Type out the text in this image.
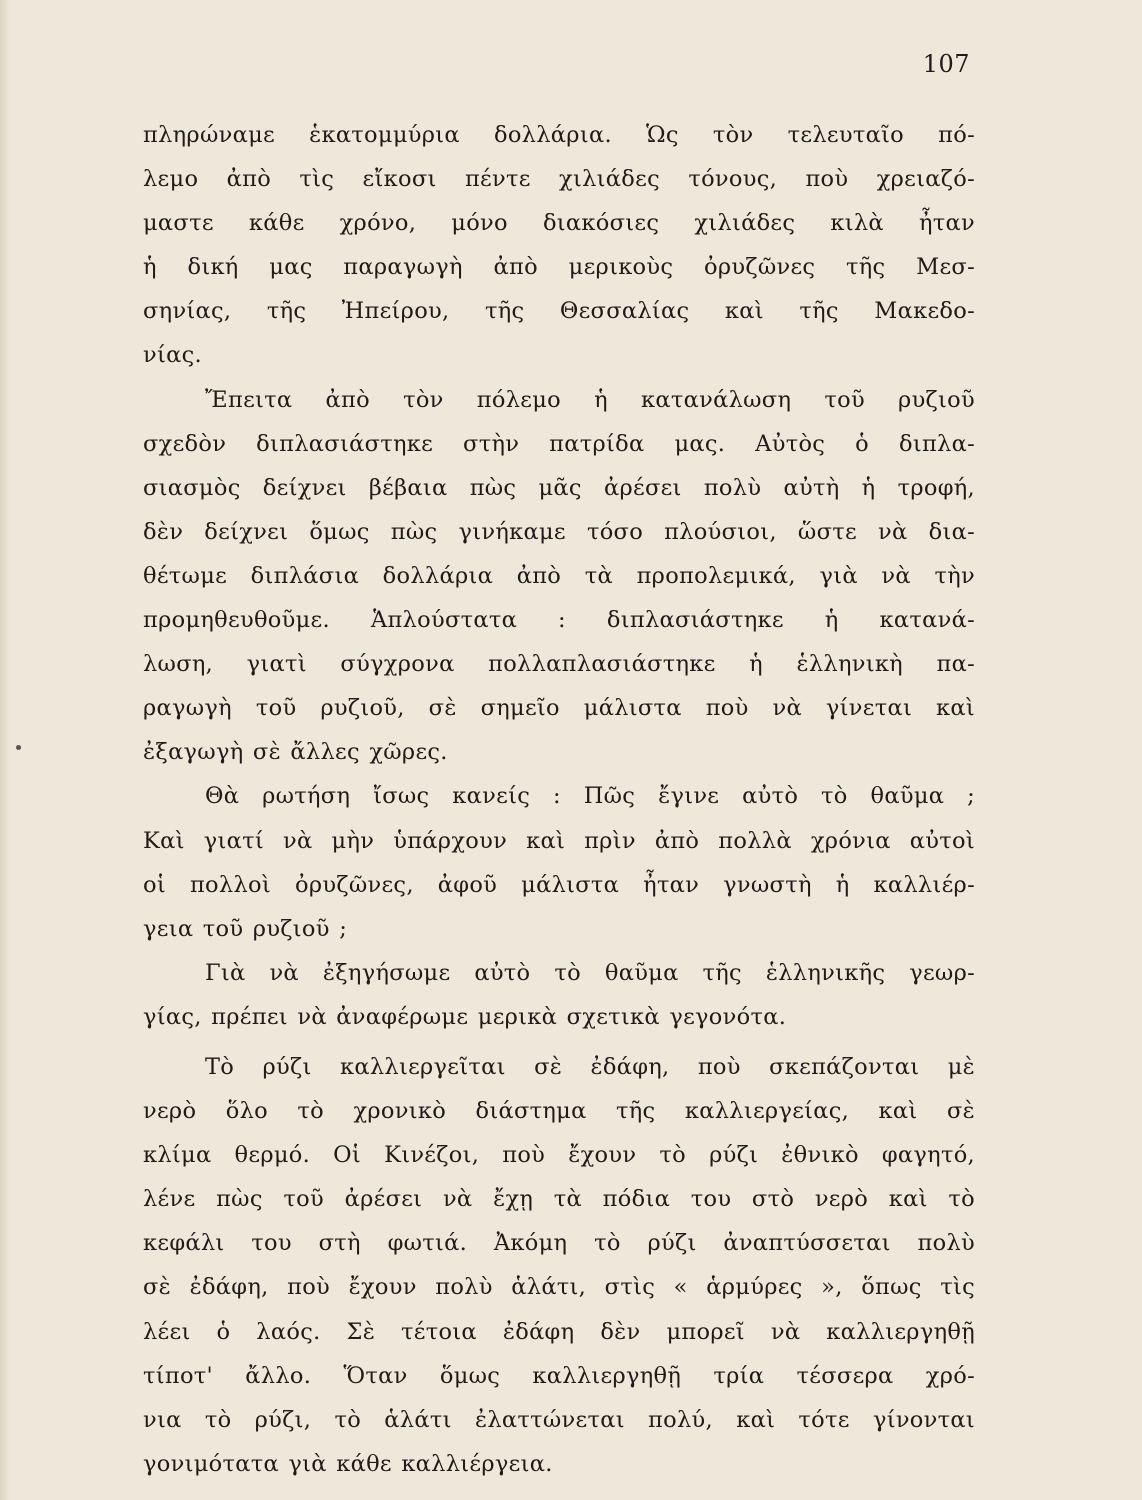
107

πληρώναμε ἑκατομμύρια δολλάρια. Ὡς τὸν τελευταῖο πό-
λεμο ἀπὸ τὶς εἴκοσι πέντε χιλιάδες τόνους, ποὺ χρειαζό-
μαστε κάθε χρόνο, μόνο διακόσιες χιλιάδες κιλὰ ἦταν
ἡ δική μας παραγωγὴ ἀπὸ μερικοὺς ὀρυζῶνες τῆς Μεσ-
σηνίας, τῆς Ἠπείρου, τῆς Θεσσαλίας καὶ τῆς Μακεδο-
νίας.

Ἔπειτα ἀπὸ τὸν πόλεμο ἡ κατανάλωση τοῦ ρυζιοῦ
σχεδὸν διπλασιάστηκε στὴν πατρίδα μας. Αὐτὸς ὁ διπλα-
σιασμὸς δείχνει βέβαια πὼς μᾶς ἀρέσει πολὺ αὐτὴ ἡ τροφή,
δὲν δείχνει ὅμως πὼς γινήκαμε τόσο πλούσιοι, ὥστε νὰ δια-
θέτωμε διπλάσια δολλάρια ἀπὸ τὰ προπολεμικά, γιὰ νὰ τὴν
προμηθευθοῦμε. Ἁπλούστατα : διπλασιάστηκε ἡ κατανά-
λωση, γιατὶ σύγχρονα πολλαπλασιάστηκε ἡ ἑλληνικὴ πα-
ραγωγὴ τοῦ ρυζιοῦ, σὲ σημεῖο μάλιστα ποὺ νὰ γίνεται καὶ
ἐξαγωγὴ σὲ ἄλλες χῶρες.

Θὰ ρωτήση ἴσως κανείς : Πῶς ἔγινε αὐτὸ τὸ θαῦμα ;
Καὶ γιατί νὰ μὴν ὑπάρχουν καὶ πρὶν ἀπὸ πολλὰ χρόνια αὐτοὶ
οἱ πολλοὶ ὀρυζῶνες, ἀφοῦ μάλιστα ἦταν γνωστὴ ἡ καλλιέρ-
γεια τοῦ ρυζιοῦ ;

Γιὰ νὰ ἐξηγήσωμε αὐτὸ τὸ θαῦμα τῆς ἑλληνικῆς γεωρ-
γίας, πρέπει νὰ ἀναφέρωμε μερικὰ σχετικὰ γεγονότα.

Τὸ ρύζι καλλιεργεῖται σὲ ἐδάφη, ποὺ σκεπάζονται μὲ
νερὸ ὅλο τὸ χρονικὸ διάστημα τῆς καλλιεργείας, καὶ σὲ
κλίμα θερμό. Οἱ Κινέζοι, ποὺ ἔχουν τὸ ρύζι ἐθνικὸ φαγητό,
λένε πὼς τοῦ ἀρέσει νὰ ἔχῃ τὰ πόδια του στὸ νερὸ καὶ τὸ
κεφάλι του στὴ φωτιά. Ἀκόμη τὸ ρύζι ἀναπτύσσεται πολὺ
σὲ ἐδάφη, ποὺ ἔχουν πολὺ ἁλάτι, στὶς « ἁρμύρες », ὅπως τὶς
λέει ὁ λαός. Σὲ τέτοια ἐδάφη δὲν μπορεῖ νὰ καλλιεργηθῇ
τίποτ' ἄλλο. Ὅταν ὅμως καλλιεργηθῇ τρία τέσσερα χρό-
νια τὸ ρύζι, τὸ ἁλάτι ἐλαττώνεται πολύ, καὶ τότε γίνονται
γονιμότατα γιὰ κάθε καλλιέργεια.
